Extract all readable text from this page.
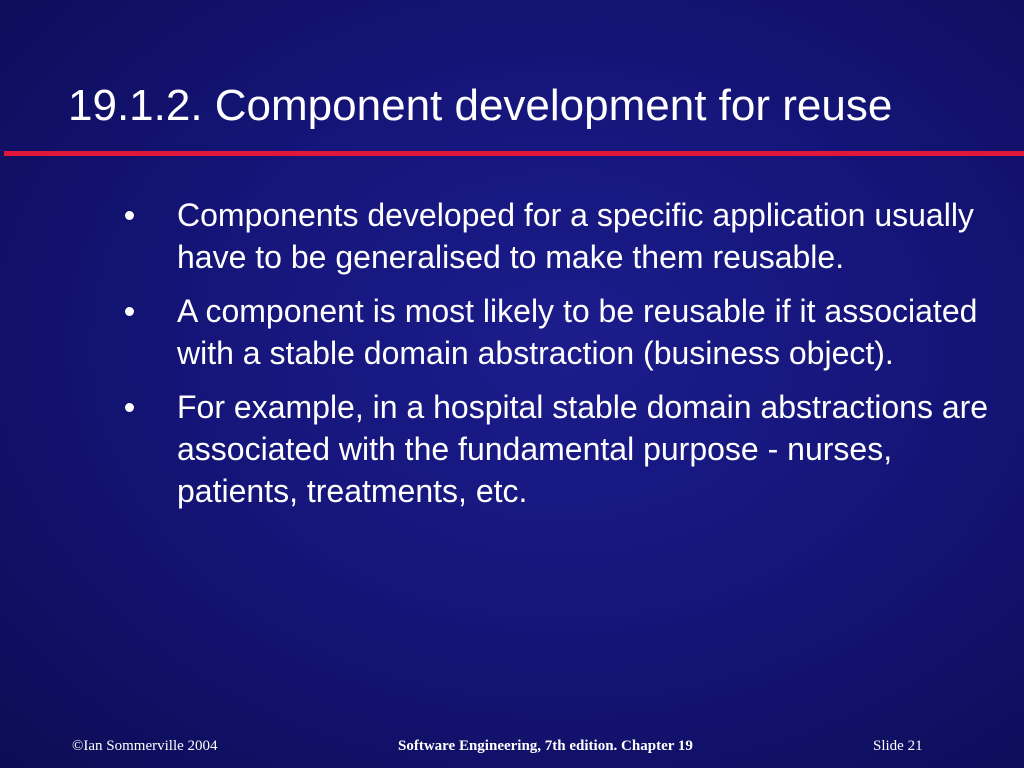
19.1.2. Component development for reuse
Components developed for a specific application usually have to be generalised to make them reusable.
A component is most likely to be reusable if it associated with a stable domain abstraction (business object).
For example, in a hospital stable domain abstractions are associated with the fundamental purpose - nurses, patients, treatments, etc.
©Ian Sommerville 2004	Software Engineering, 7th edition. Chapter 19	Slide 21
